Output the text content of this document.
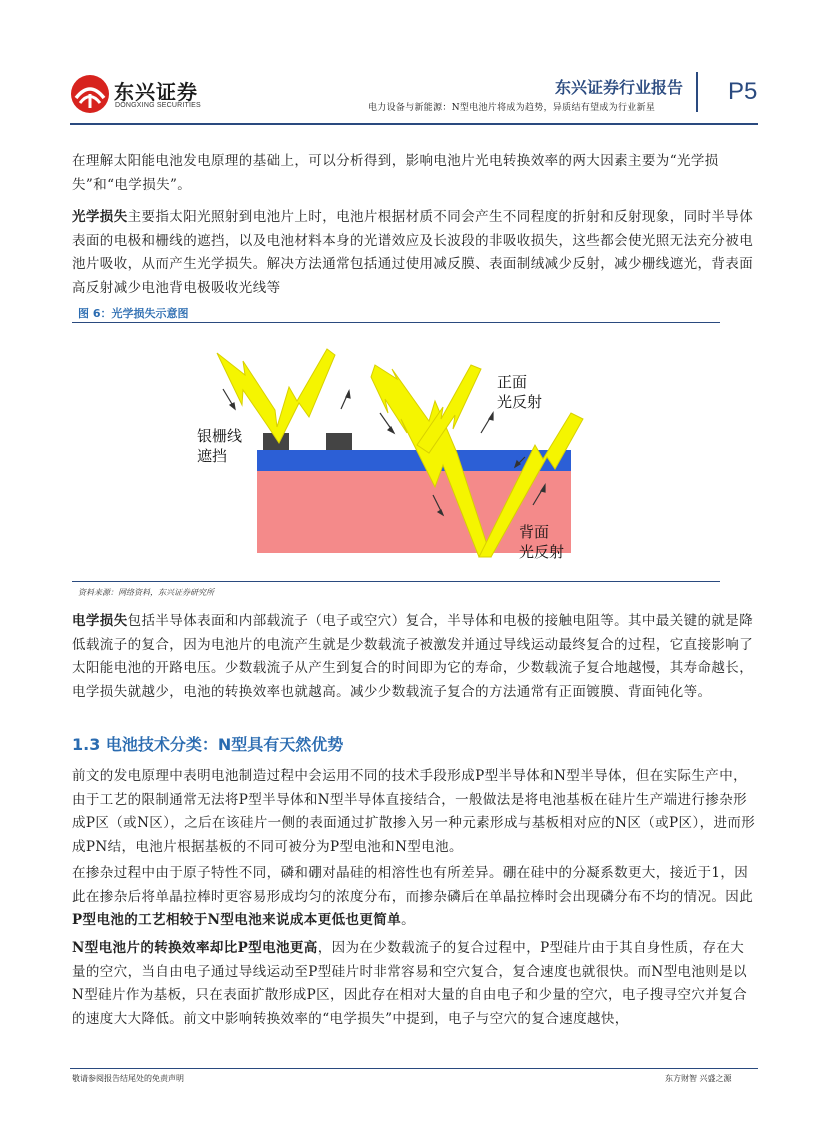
东兴证券
DONGXING SECURITIES
东兴证券行业报告
电力设备与新能源：N型电池片将成为趋势，异质结有望成为行业新星
P5
在理解太阳能电池发电原理的基础上，可以分析得到，影响电池片光电转换效率的两大因素主要为“光学损失”和“电学损失”。
光学损失主要指太阳光照射到电池片上时，电池片根据材质不同会产生不同程度的折射和反射现象，同时半导体表面的电极和栅线的遮挡，以及电池材料本身的光谱效应及长波段的非吸收损失，这些都会使光照无法充分被电池片吸收，从而产生光学损失。解决方法通常包括通过使用减反膜、表面制绒减少反射，减少栅线遮光，背表面高反射减少电池背电极吸收光线等
图 6：光学损失示意图
银栅线
遮挡
正面
光反射
背面
光反射
资料来源：网络资料，东兴证券研究所
电学损失包括半导体表面和内部载流子（电子或空穴）复合，半导体和电极的接触电阻等。其中最关键的就是降低载流子的复合，因为电池片的电流产生就是少数载流子被激发并通过导线运动最终复合的过程，它直接影响了太阳能电池的开路电压。少数载流子从产生到复合的时间即为它的寿命，少数载流子复合地越慢，其寿命越长，电学损失就越少，电池的转换效率也就越高。减少少数载流子复合的方法通常有正面镀膜、背面钝化等。
1.3 电池技术分类：N型具有天然优势
前文的发电原理中表明电池制造过程中会运用不同的技术手段形成P型半导体和N型半导体，但在实际生产中，由于工艺的限制通常无法将P型半导体和N型半导体直接结合，一般做法是将电池基板在硅片生产端进行掺杂形成P区（或N区），之后在该硅片一侧的表面通过扩散掺入另一种元素形成与基板相对应的N区（或P区），进而形成PN结，电池片根据基板的不同可被分为P型电池和N型电池。
在掺杂过程中由于原子特性不同，磷和硼对晶硅的相溶性也有所差异。硼在硅中的分凝系数更大，接近于1，因此在掺杂后将单晶拉棒时更容易形成均匀的浓度分布，而掺杂磷后在单晶拉棒时会出现磷分布不均的情况。因此P型电池的工艺相较于N型电池来说成本更低也更简单。
N型电池片的转换效率却比P型电池更高，因为在少数载流子的复合过程中，P型硅片由于其自身性质，存在大量的空穴，当自由电子通过导线运动至P型硅片时非常容易和空穴复合，复合速度也就很快。而N型电池则是以N型硅片作为基板，只在表面扩散形成P区，因此存在相对大量的自由电子和少量的空穴，电子搜寻空穴并复合的速度大大降低。前文中影响转换效率的“电学损失”中提到，电子与空穴的复合速度越快，
敬请参阅报告结尾处的免责声明	东方财智 兴盛之源
